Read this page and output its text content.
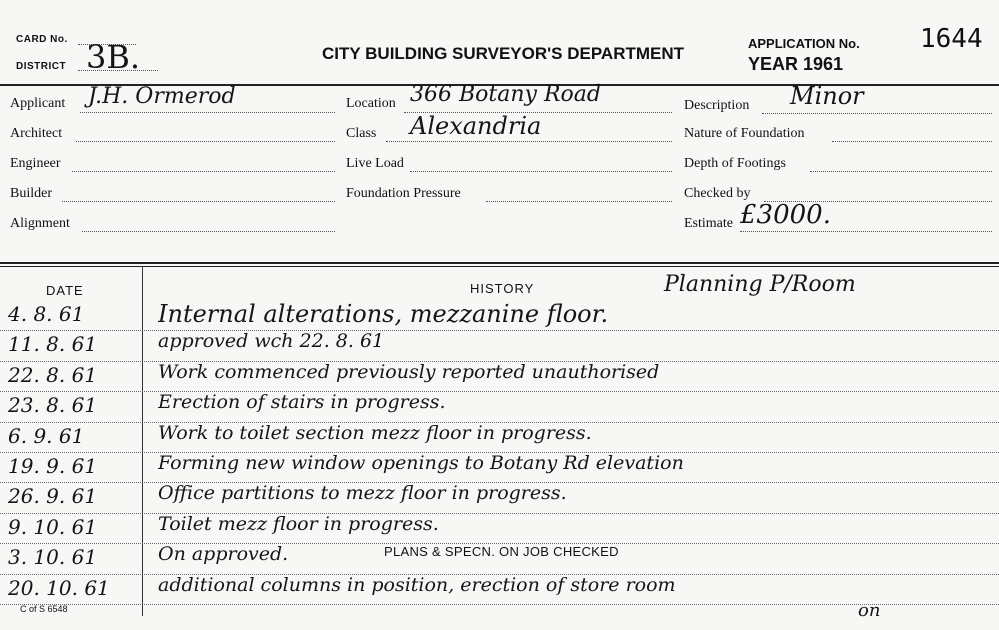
CARD No.
DISTRICT 3B.	CITY BUILDING SURVEYOR'S DEPARTMENT
APPLICATION No.
YEAR 1961
1644
Applicant J.H. Ormerod
Architect
Engineer
Builder
Alignment
Location 366 Botany Road
Class Alexandria
Live Load
Foundation Pressure
Description Minor
Nature of Foundation
Depth of Footings
Checked by
Estimate £3000.
DATE	HISTORY	Planning P/Room
4. 8. 61	Internal alterations, mezzanine floor.
11. 8. 61	approved wch 22. 8. 61
22. 8. 61	Work commenced previously reported unauthorised
23. 8. 61	Erection of stairs in progress.
6. 9. 61	Work to toilet section mezz floor in progress.
19. 9. 61	Forming new window openings to Botany Rd elevation
26. 9. 61	Office partitions to mezz floor in progress.
9. 10. 61	Toilet mezz floor in progress.
3. 10. 61	On approved.
20. 10. 61	additional columns in position, erection of store room
PLANS & SPECN. ON JOB CHECKED
on
C of S 6548
